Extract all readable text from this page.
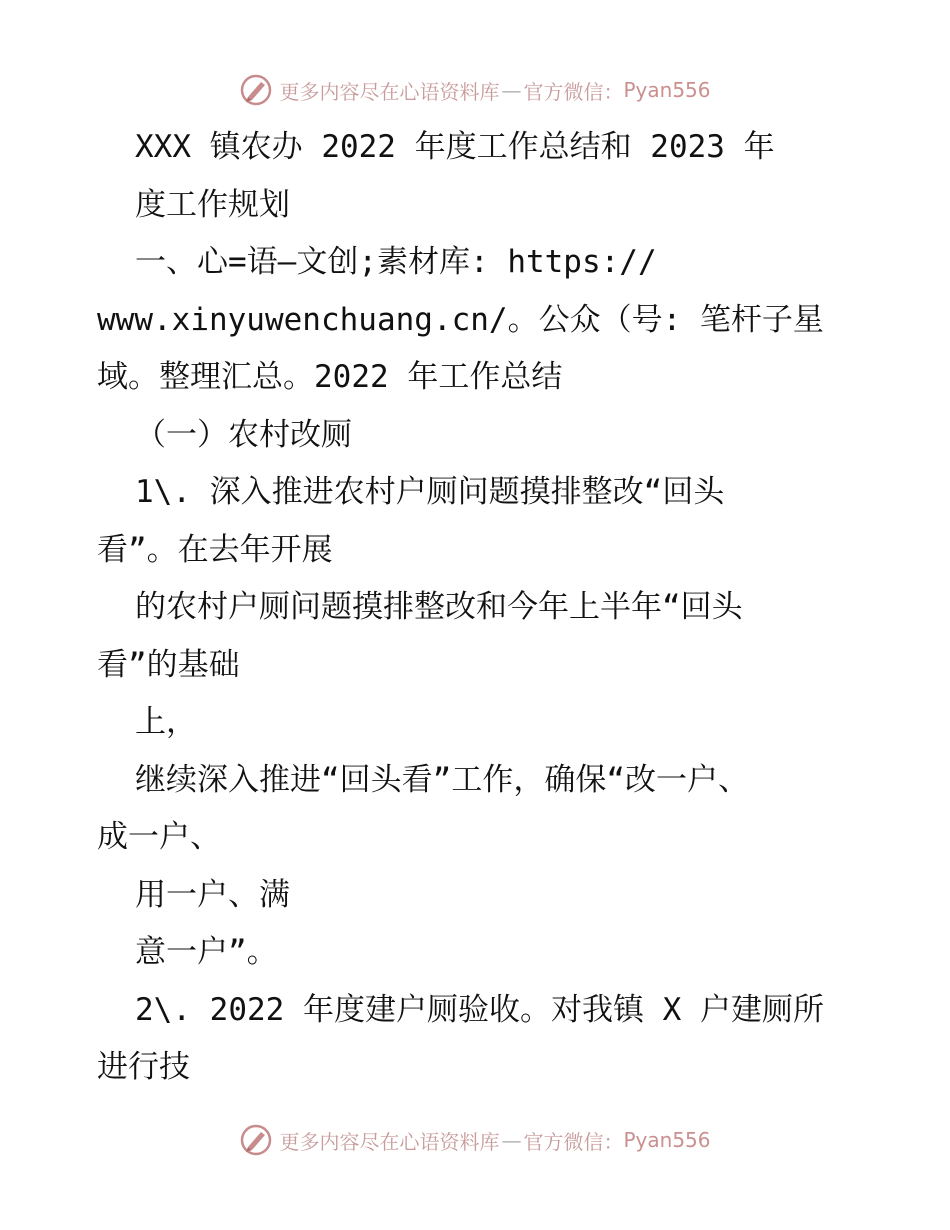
更多内容尽在心语资料库 — 官方微信： Pyan556
XXX 镇农办 2022 年度工作总结和 2023 年
度工作规划
一、心=语—文创;素材库: https://
www.xinyuwenchuang.cn/。公众（号: 笔杆子星
域。整理汇总。2022 年工作总结
（一）农村改厕
1\. 深入推进农村户厕问题摸排整改“回头
看”。在去年开展
的农村户厕问题摸排整改和今年上半年“回头
看”的基础
上，
继续深入推进“回头看”工作，确保“改一户、
成一户、
用一户、满
意一户”。
2\. 2022 年度建户厕验收。对我镇 X 户建厕所
进行技
更多内容尽在心语资料库 — 官方微信： Pyan556
